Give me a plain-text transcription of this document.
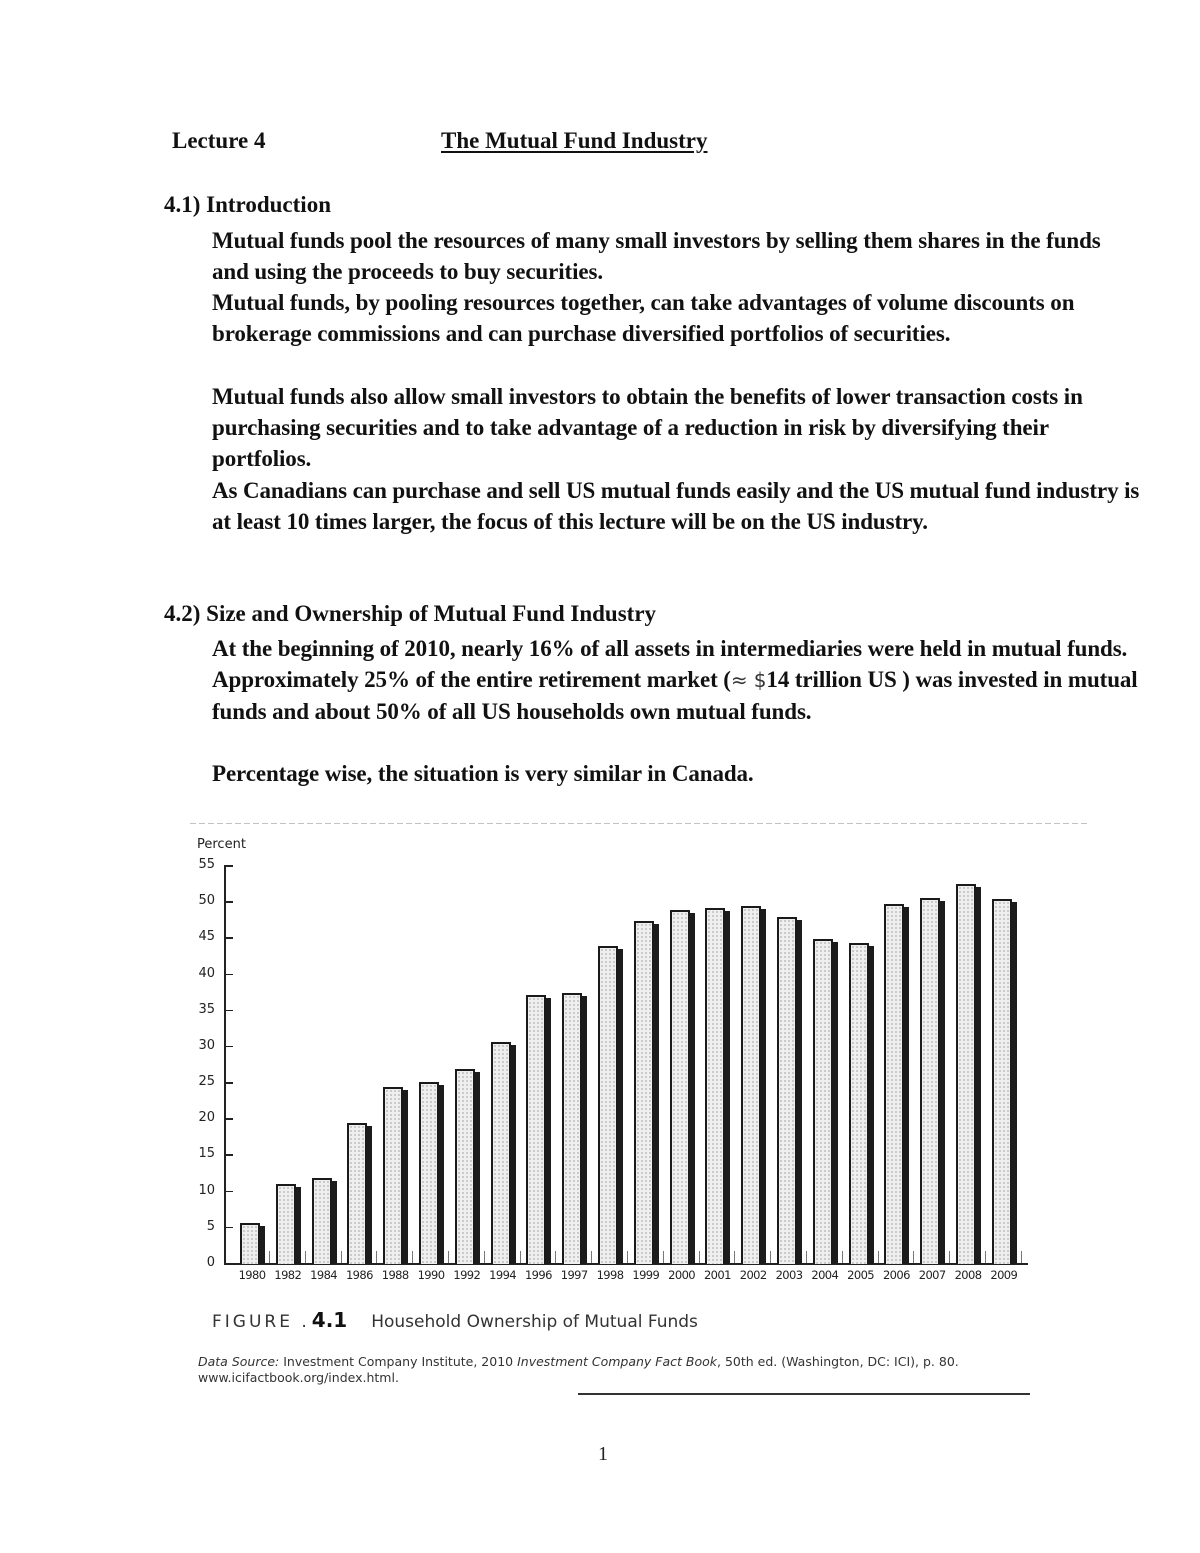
Lecture 4	The Mutual Fund Industry
4.1) Introduction
Mutual funds pool the resources of many small investors by selling them shares in the funds and using the proceeds to buy securities.
Mutual funds, by pooling resources together, can take advantages of volume discounts on brokerage commissions and can purchase diversified portfolios of securities.
Mutual funds also allow small investors to obtain the benefits of lower transaction costs in purchasing securities and to take advantage of a reduction in risk by diversifying their portfolios.
As Canadians can purchase and sell US mutual funds easily and the US mutual fund industry is at least 10 times larger, the focus of this lecture will be on the US industry.
4.2) Size and Ownership of Mutual Fund Industry
At the beginning of 2010, nearly 16% of all assets in intermediaries were held in mutual funds. Approximately 25% of the entire retirement market (≈ $14 trillion US ) was invested in mutual funds and about 50% of all US households own mutual funds.
Percentage wise, the situation is very similar in Canada.
Percent
0
5
10
15
20
25
30
35
40
45
50
55
1980 1982 1984 1986 1988 1990 1992 1994 1996 1997 1998 1999 2000 2001 2002 2003 2004 2005 2006 2007 2008 2009
FIGURE . 4.1 Household Ownership of Mutual Funds
Data Source: Investment Company Institute, 2010 Investment Company Fact Book, 50th ed. (Washington, DC: ICI), p. 80.
www.icifactbook.org/index.html.
1
